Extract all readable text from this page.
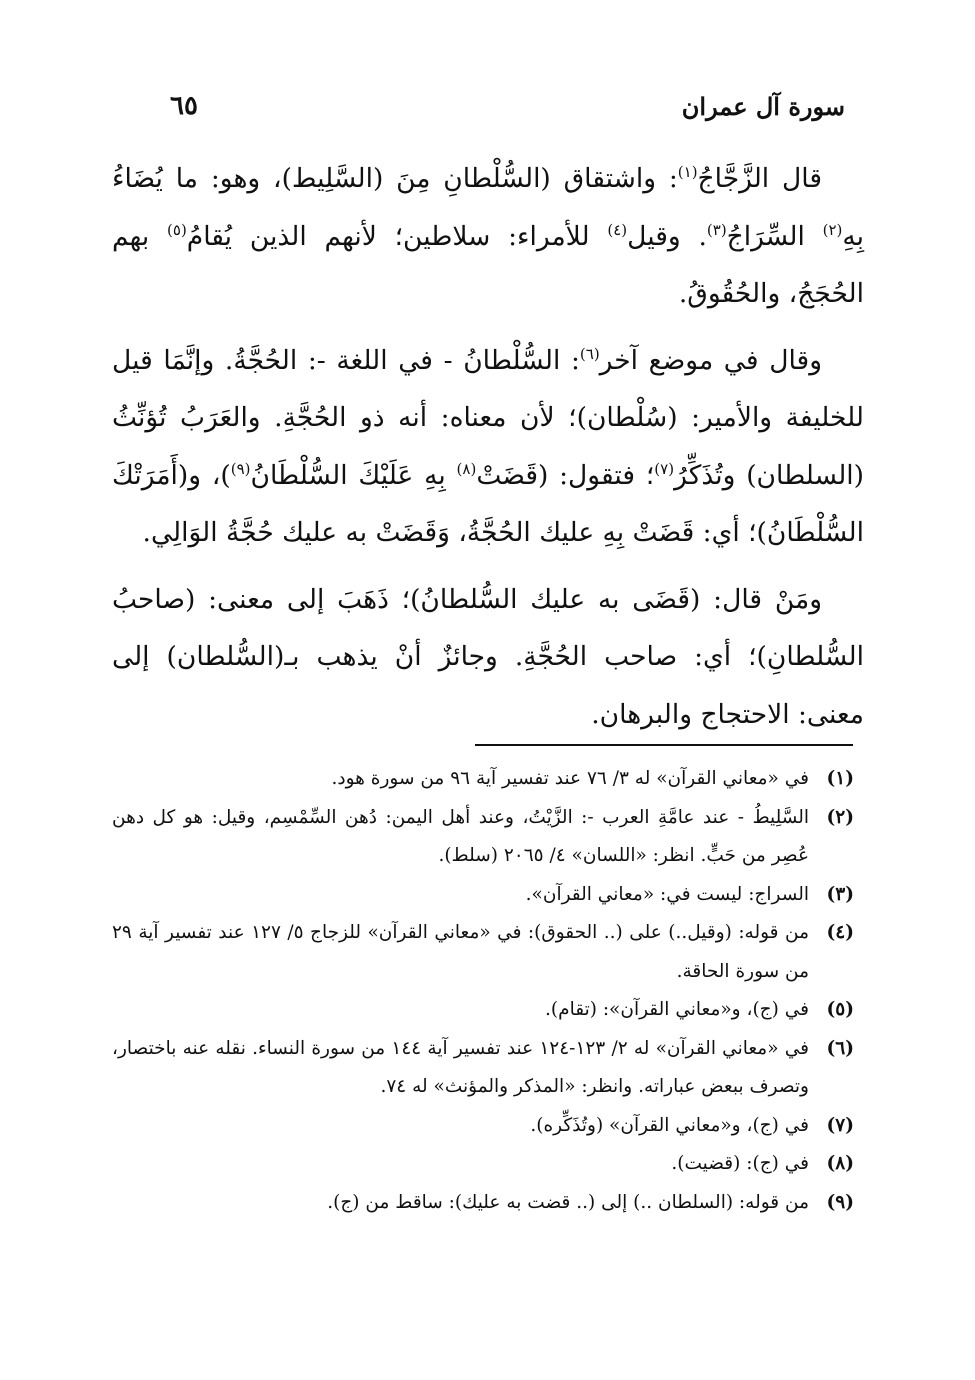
٦٥	سورة آل عمران

قال الزَّجَّاجُ$^{(١)}$: واشتقاق (السُّلْطانِ مِنَ (السَّلِيط)، وهو: ما يُضَاءُ بِهِ$^{(٢)}$ السِّرَاجُ$^{(٣)}$. وقيل$^{(٤)}$ للأمراء: سلاطين؛ لأنهم الذين يُقامُ$^{(٥)}$ بهم الحُجَجُ، والحُقُوقُ.

وقال في موضع آخر$^{(٦)}$: السُّلْطانُ - في اللغة -: الحُجَّةُ. وإنَّمَا قيل للخليفة والأمير: (سُلْطان)؛ لأن معناه: أنه ذو الحُجَّةِ. والعَرَبُ تُؤنِّثُ (السلطان) وتُذَكِّرُ$^{(٧)}$؛ فتقول: (قَضَتْ$^{(٨)}$ بِهِ عَلَيْكَ السُّلْطَانُ$^{(٩)}$)، و(أَمَرَتْكَ السُّلْطَانُ)؛ أي: قَضَتْ بِهِ عليك الحُجَّةُ، وَقَضَتْ به عليك حُجَّةُ الوَالِي.

ومَنْ قال: (قَضَى به عليك السُّلطانُ)؛ ذَهَبَ إلى معنى: (صاحبُ السُّلطانِ)؛ أي: صاحب الحُجَّةِ. وجائزٌ أنْ يذهب بـ(السُّلطان) إلى معنى: الاحتجاج والبرهان.

(١)
في «معاني القرآن» له ٣/ ٧٦ عند تفسير آية ٩٦ من سورة هود.
(٢)
السَّلِيطُ - عند عامَّةِ العرب -: الزَّيْتُ، وعند أهل اليمن: دُهن السِّمْسِم، وقيل: هو كل دهن عُصِر من حَبٍّ. انظر: «اللسان» ٤/ ٢٠٦٥ (سلط).
(٣)
السراج: ليست في: «معاني القرآن».
(٤)
من قوله: (وقيل..) على (.. الحقوق): في «معاني القرآن» للزجاج ٥/ ١٢٧ عند تفسير آية ٢٩ من سورة الحاقة.
(٥)
في (ج)، و«معاني القرآن»: (تقام).
(٦)
في «معاني القرآن» له ٢/ ١٢٣-١٢٤ عند تفسير آية ١٤٤ من سورة النساء. نقله عنه باختصار، وتصرف ببعض عباراته. وانظر: «المذكر والمؤنث» له ٧٤.
(٧)
في (ج)، و«معاني القرآن» (وتُذَكِّره).
(٨)
في (ج): (قضيت).
(٩)
من قوله: (السلطان ..) إلى (.. قضت به عليك): ساقط من (ج).
